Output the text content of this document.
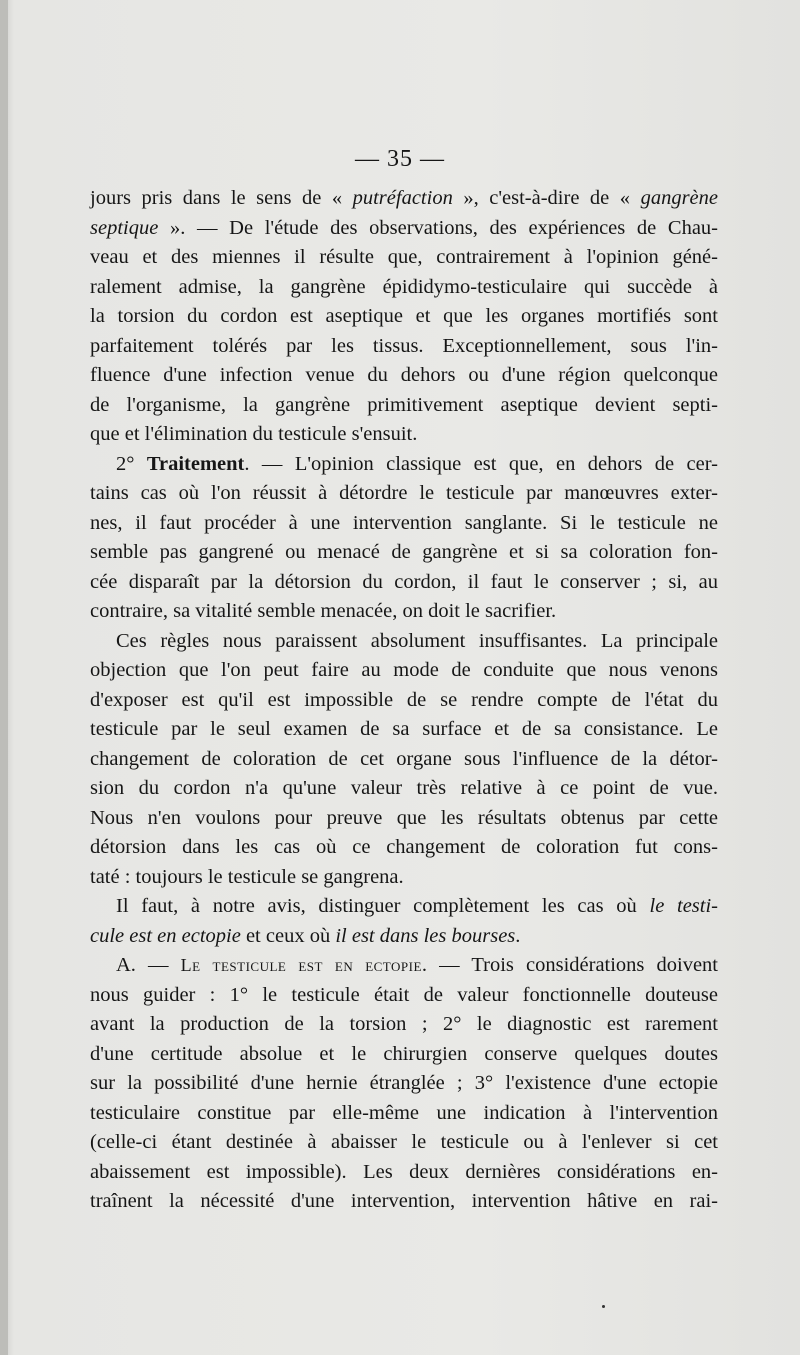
— 35 —
jours pris dans le sens de « putréfaction », c'est-à-dire de « gangrène
septique ». — De l'étude des observations, des expériences de Chau-
veau et des miennes il résulte que, contrairement à l'opinion géné-
ralement admise, la gangrène épididymo-testiculaire qui succède à
la torsion du cordon est aseptique et que les organes mortifiés sont
parfaitement tolérés par les tissus. Exceptionnellement, sous l'in-
fluence d'une infection venue du dehors ou d'une région quelconque
de l'organisme, la gangrène primitivement aseptique devient septi-
que et l'élimination du testicule s'ensuit.
2° Traitement. — L'opinion classique est que, en dehors de cer-
tains cas où l'on réussit à détordre le testicule par manœuvres exter-
nes, il faut procéder à une intervention sanglante. Si le testicule ne
semble pas gangrené ou menacé de gangrène et si sa coloration fon-
cée disparaît par la détorsion du cordon, il faut le conserver ; si, au
contraire, sa vitalité semble menacée, on doit le sacrifier.
Ces règles nous paraissent absolument insuffisantes. La principale
objection que l'on peut faire au mode de conduite que nous venons
d'exposer est qu'il est impossible de se rendre compte de l'état du
testicule par le seul examen de sa surface et de sa consistance. Le
changement de coloration de cet organe sous l'influence de la détor-
sion du cordon n'a qu'une valeur très relative à ce point de vue.
Nous n'en voulons pour preuve que les résultats obtenus par cette
détorsion dans les cas où ce changement de coloration fut cons-
taté : toujours le testicule se gangrena.
Il faut, à notre avis, distinguer complètement les cas où le testi-
cule est en ectopie et ceux où il est dans les bourses.
A. — Le testicule est en ectopie. — Trois considérations doivent
nous guider : 1° le testicule était de valeur fonctionnelle douteuse
avant la production de la torsion ; 2° le diagnostic est rarement
d'une certitude absolue et le chirurgien conserve quelques doutes
sur la possibilité d'une hernie étranglée ; 3° l'existence d'une ectopie
testiculaire constitue par elle-même une indication à l'intervention
(celle-ci étant destinée à abaisser le testicule ou à l'enlever si cet
abaissement est impossible). Les deux dernières considérations en-
traînent la nécessité d'une intervention, intervention hâtive en rai-
